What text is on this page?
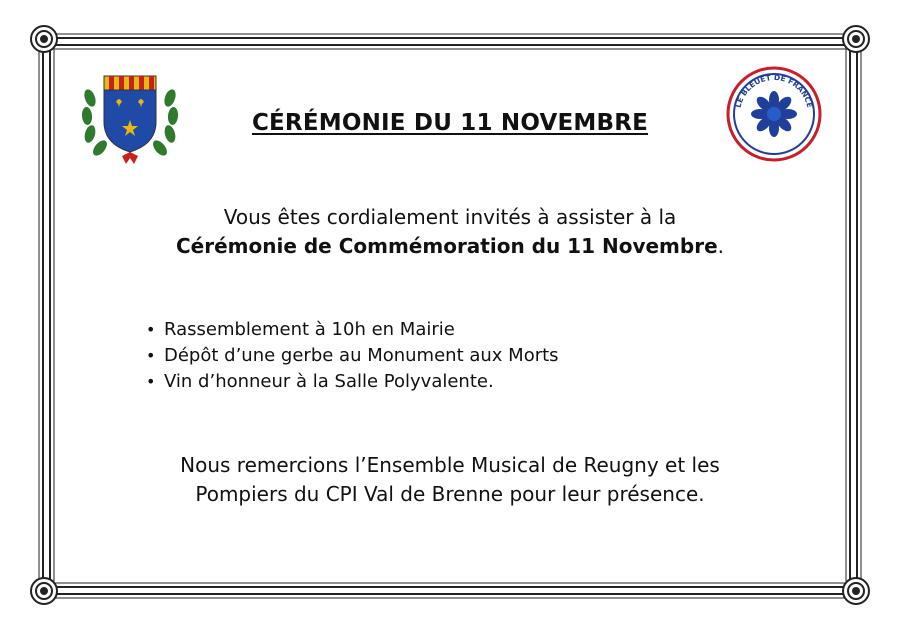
LE BLEUET DE FRANCE
CÉRÉMONIE DU 11 NOVEMBRE
Vous êtes cordialement invités à assister à la
Cérémonie de Commémoration du 11 Novembre.
• Rassemblement à 10h en Mairie
• Dépôt d’une gerbe au Monument aux Morts
• Vin d’honneur à la Salle Polyvalente.
Nous remercions l’Ensemble Musical de Reugny et les
Pompiers du CPI Val de Brenne pour leur présence.
